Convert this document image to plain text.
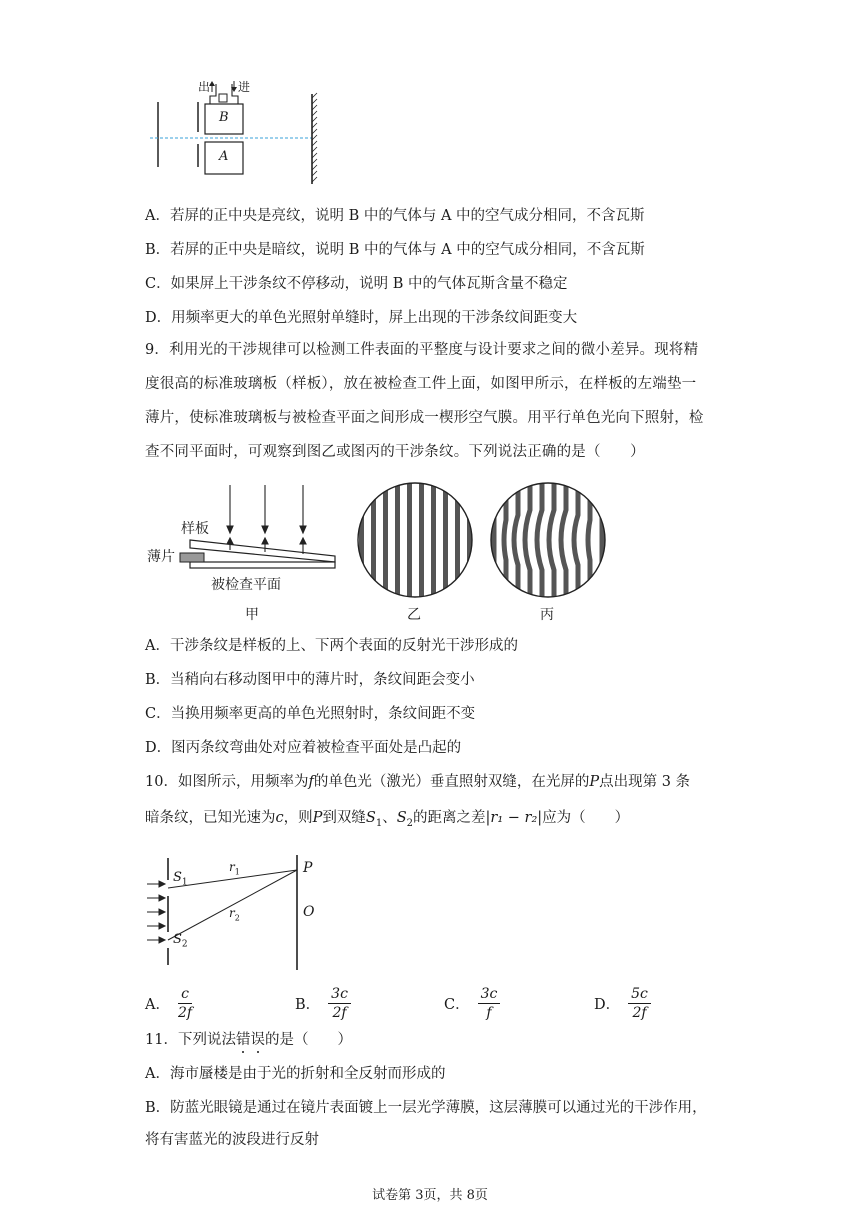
出 进
B
A
A．若屏的正中央是亮纹，说明 B 中的气体与 A 中的空气成分相同，不含瓦斯
B．若屏的正中央是暗纹，说明 B 中的气体与 A 中的空气成分相同，不含瓦斯
C．如果屏上干涉条纹不停移动，说明 B 中的气体瓦斯含量不稳定
D．用频率更大的单色光照射单缝时，屏上出现的干涉条纹间距变大
9．利用光的干涉规律可以检测工件表面的平整度与设计要求之间的微小差异。现将精
度很高的标准玻璃板（样板），放在被检查工件上面，如图甲所示，在样板的左端垫一
薄片，使标准玻璃板与被检查平面之间形成一楔形空气膜。用平行单色光向下照射，检
查不同平面时，可观察到图乙或图丙的干涉条纹。下列说法正确的是（　　）
样板
薄片
被检查平面
甲	乙	丙
A．干涉条纹是样板的上、下两个表面的反射光干涉形成的
B．当稍向右移动图甲中的薄片时，条纹间距会变小
C．当换用频率更高的单色光照射时，条纹间距不变
D．图丙条纹弯曲处对应着被检查平面处是凸起的
10．如图所示，用频率为f的单色光（激光）垂直照射双缝，在光屏的P点出现第 3 条
暗条纹，已知光速为c，则P到双缝$S_1$、$S_2$的距离之差|r₁ − r₂|应为（　　）
$S_1$
$S_2$
$r_1$
$r_2$
P
O
A． $\frac{c}{2f}$	B． $\frac{3c}{2f}$	C． $\frac{3c}{f}$	D． $\frac{5c}{2f}$
11．下列说法错误的是（　　）
A．海市蜃楼是由于光的折射和全反射而形成的
B．防蓝光眼镜是通过在镜片表面镀上一层光学薄膜，这层薄膜可以通过光的干涉作用，
将有害蓝光的波段进行反射
试卷第 3页，共 8页
